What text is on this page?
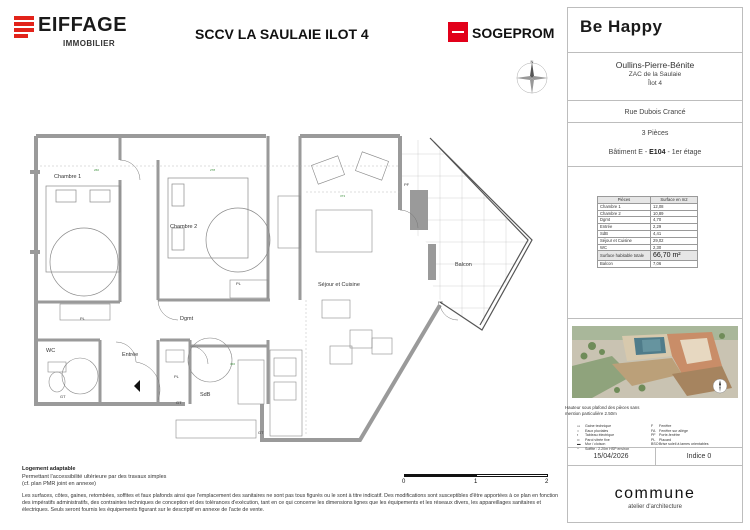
EIFFAGE
IMMOBILIER
SCCV LA SAULAIE ILOT 4	SOGEPROM Be Happy
N	Oullins-Pierre-Bénite
ZAC de la Saulaie
Îlot 4
Rue Dubois Crancé
3 Pièces
Bâtiment E - E104 - 1er étage
Pièces	Surface en m2
Chambre 1	12,08
Chambre 2	10,89
Dgmt	4,70
Entrée	2,29
SdB	4,41
Séjour et Cuisine	29,02
WC	2,30
Surface habitable totale	66,70 m²
Balcon	7,06
Hauteur sous plafond des pièces sans
mention particulière 2.50m
▭ Gaine technique	F Fenêtre
○ Eaux pluviales	FA Fenêtre sur allège
▪ Tableau électrique	PF Porte-fenêtre
═ Paroi vitrée fixe	PL Placard
▬ Mur / cloison	BSOBrise soleil à lames orientables
┈ Soffite : 2.20m HSP environ
15/04/2026	Indice 0
commune
atelier d'architecture
260	278
373
346
Chambre 1
Chambre 2
Séjour et Cuisine
Dgmt
Entrée
WC
SdB
Balcon
PL
PL
PL
PF
PF
GT
GT
GT
Logement adaptable
Permettant l'accessibilité ultérieure par des travaux simples
(cf. plan PMR joint en annexe)	0	1	2
Les surfaces, côtes, gaines, retombées, soffites et faux plafonds ainsi que l'emplacement des sanitaires ne sont pas tous figurés ou le sont à titre indicatif. Des modifications sont susceptibles d'être apportées à ce plan en fonction des impératifs administratifs, des contraintes techniques de conception et des tolérances d'exécution, tant en ce qui concerne les dimensions lignes que les équipements et les réseaux divers, les appareillages sanitaires et électriques. Seuls seront fournis les équipements figurant sur le descriptif en annexe de l'acte de vente.
